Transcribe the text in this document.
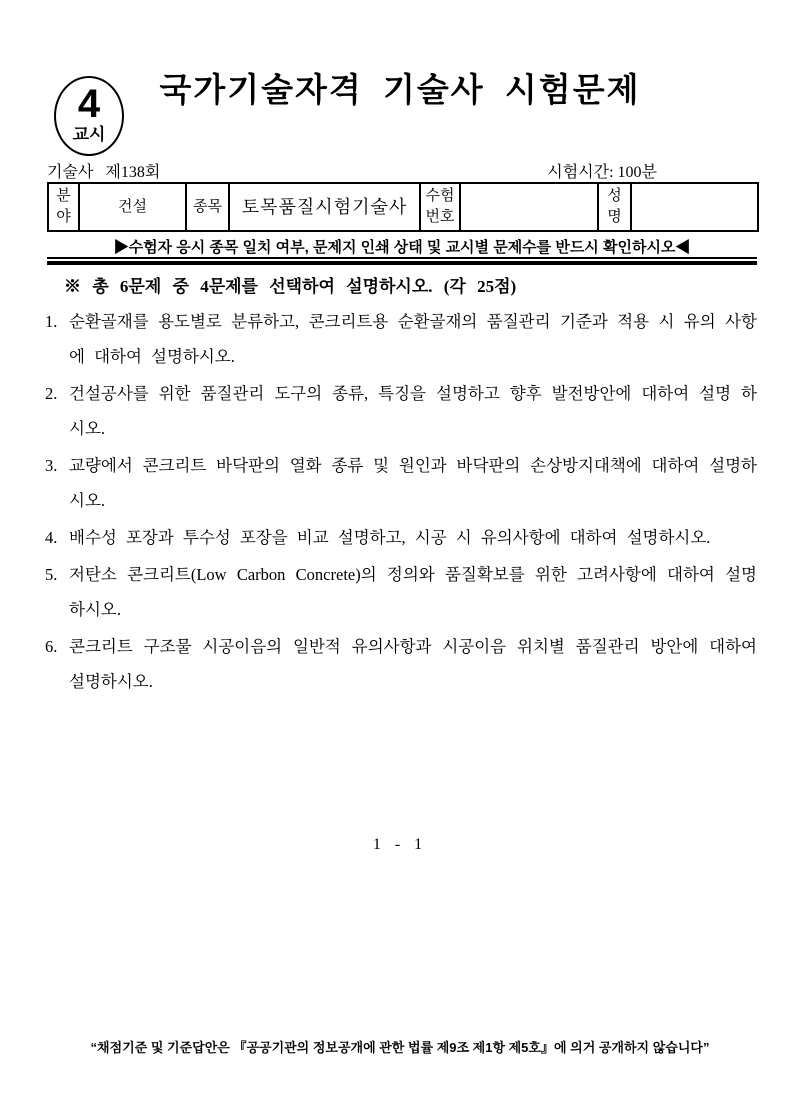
4
교시
국가기술자격 기술사 시험문제
기술사   제138회	시험시간: 100분
분야	건설	종목	토목품질시험기술사	수험번호		성명	
▶수험자 응시 종목 일치 여부, 문제지 인쇄 상태 및 교시별 문제수를 반드시 확인하시오◀

※ 총 6문제 중 4문제를 선택하여 설명하시오. (각 25점)

1. 순환골재를 용도별로 분류하고, 콘크리트용 순환골재의 품질관리 기준과 적용 시 유의 사항에 대하여 설명하시오.
2. 건설공사를 위한 품질관리 도구의 종류, 특징을 설명하고 향후 발전방안에 대하여 설명 하시오.
3. 교량에서 콘크리트 바닥판의 열화 종류 및 원인과 바닥판의 손상방지대책에 대하여 설명하시오.
4. 배수성 포장과 투수성 포장을 비교 설명하고, 시공 시 유의사항에 대하여 설명하시오.
5. 저탄소 콘크리트(Low Carbon Concrete)의 정의와 품질확보를 위한 고려사항에 대하여 설명하시오.
6. 콘크리트 구조물 시공이음의 일반적 유의사항과 시공이음 위치별 품질관리 방안에 대하여 설명하시오.
1 - 1
“채점기준 및 기준답안은 『공공기관의 정보공개에 관한 법률 제9조 제1항 제5호』에 의거 공개하지 않습니다”
